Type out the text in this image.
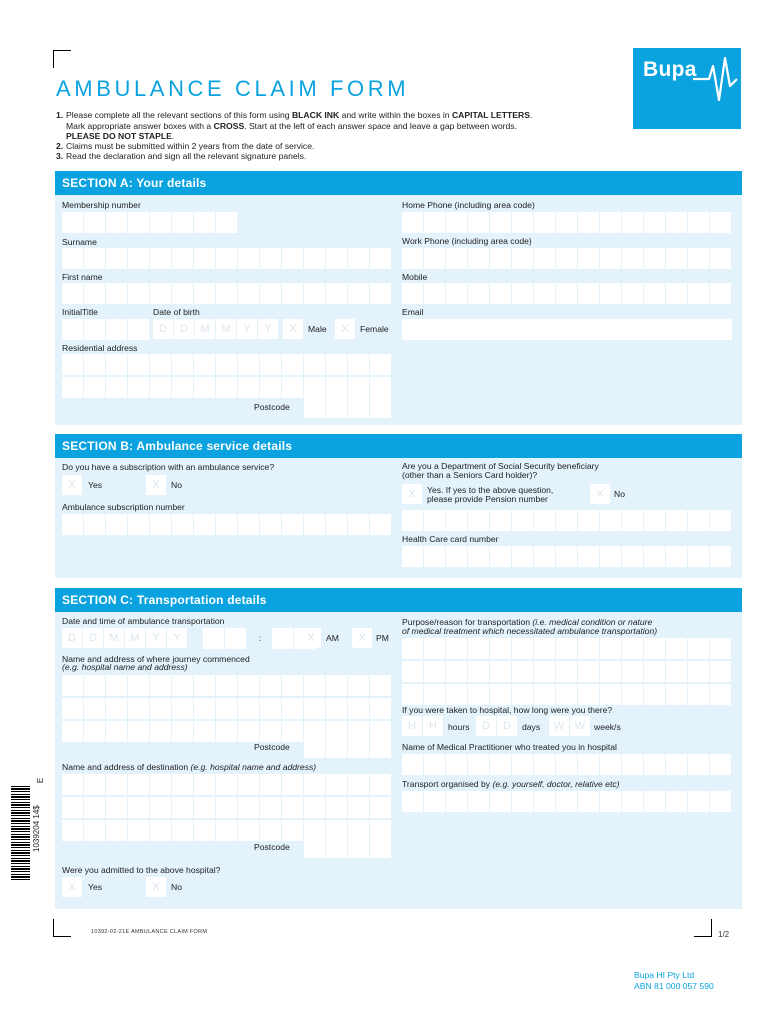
Bupa
AMBULANCE CLAIM FORM
1. Please complete all the relevant sections of this form using BLACK INK and write within the boxes in CAPITAL LETTERS.
Mark appropriate answer boxes with a CROSS. Start at the left of each answer space and leave a gap between words.
PLEASE DO NOT STAPLE.
2. Claims must be submitted within 2 years from the date of service.
3. Read the declaration and sign all the relevant signature panels.
SECTION A: Your details
Membership number
Surname
First name
Initial Title	Date of birth
D	D	M	M	Y	Y	X	Male	X	Female
Residential address
Postcode
Home Phone (including area code)
Work Phone (including area code)
Mobile
Email
SECTION B: Ambulance service details
Do you have a subscription with an ambulance service?
X	Yes	X	No
Ambulance subscription number
Are you a Department of Social Security beneficiary
(other than a Seniors Card holder)?
X	Yes. If yes to the above question,
please provide Pension number	X	No
Health Care card number
SECTION C: Transportation details
Date and time of ambulance transportation
D	D	M	M	Y	Y	:	X	AM	X	PM
Name and address of where journey commenced
(e.g. hospital name and address)
Postcode
Name and address of destination (e.g. hospital name and address)
Postcode
Were you admitted to the above hospital?
X	Yes	X	No
Purpose/reason for transportation (i.e. medical condition or nature
of medical treatment which necessitated ambulance transportation)
If you were taken to hospital, how long were you there?
H	H	hours	D	D	days	W W	week/s
Name of Medical Practitioner who treated you in hospital
Transport organised by (e.g. yourself, doctor, relative etc)
1039204 14$
E
10392-02-21E AMBULANCE CLAIM FORM	1/2
Bupa HI Pty Ltd
ABN 81 000 057 590
